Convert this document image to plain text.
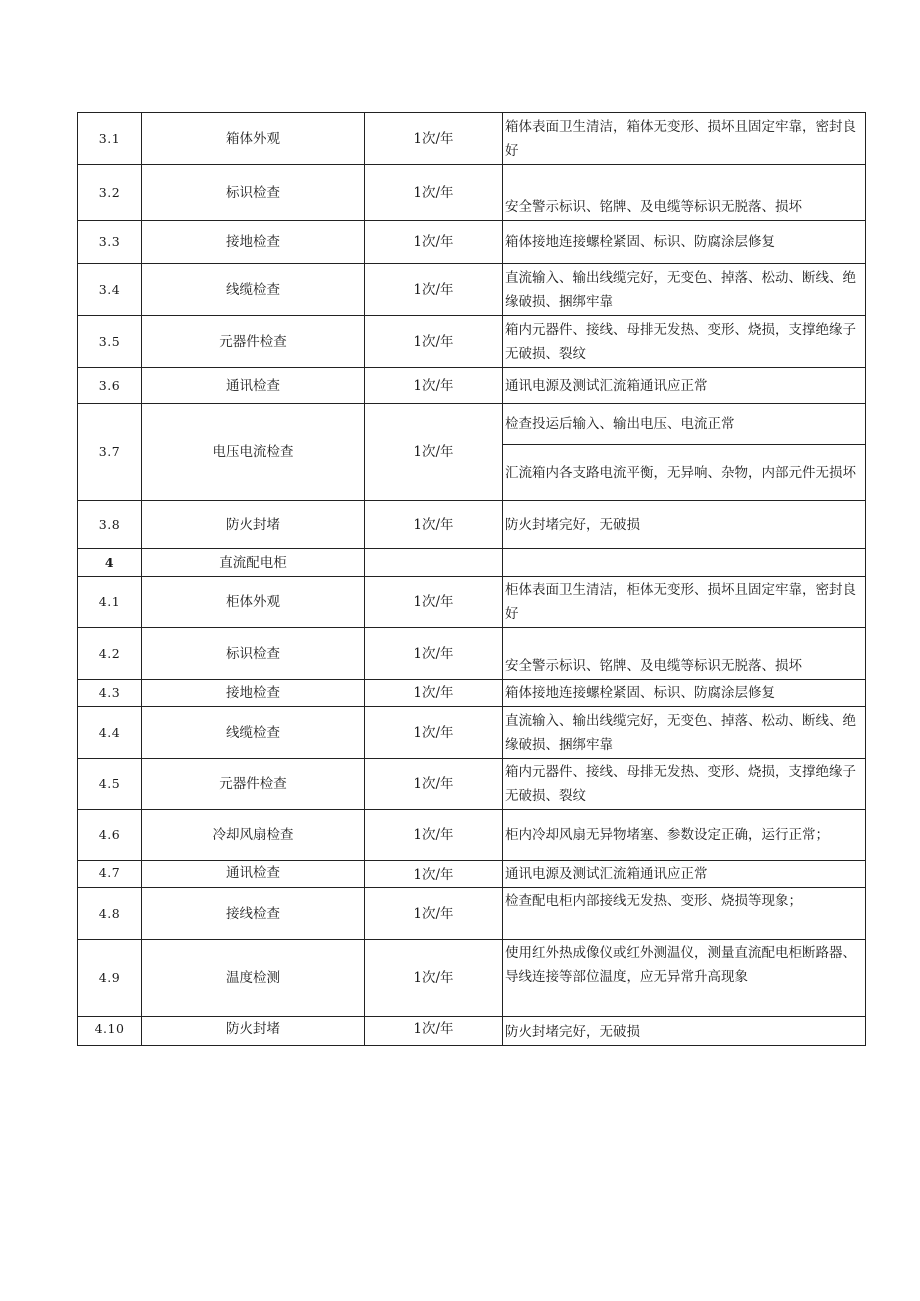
3.1	箱体外观	1次/年	箱体表面卫生清洁，箱体无变形、损坏且固定牢靠，密封良好
3.2	标识检查	1次/年	安全警示标识、铭牌、及电缆等标识无脱落、损坏
3.3	接地检查	1次/年	箱体接地连接螺栓紧固、标识、防腐涂层修复
3.4	线缆检查	1次/年	直流输入、输出线缆完好，无变色、掉落、松动、断线、绝缘破损、捆绑牢靠
3.5	元器件检查	1次/年	箱内元器件、接线、母排无发热、变形、烧损，支撑绝缘子无破损、裂纹
3.6	通讯检查	1次/年	通讯电源及测试汇流箱通讯应正常
3.7	电压电流检查	1次/年	检查投运后输入、输出电压、电流正常
			汇流箱内各支路电流平衡，无异响、杂物，内部元件无损坏
3.8	防火封堵	1次/年	防火封堵完好，无破损
4	直流配电柜		
4.1	柜体外观	1次/年	柜体表面卫生清洁，柜体无变形、损坏且固定牢靠，密封良好
4.2	标识检查	1次/年	安全警示标识、铭牌、及电缆等标识无脱落、损坏
4.3	接地检查	1次/年	箱体接地连接螺栓紧固、标识、防腐涂层修复
4.4	线缆检查	1次/年	直流输入、输出线缆完好，无变色、掉落、松动、断线、绝缘破损、捆绑牢靠
4.5	元器件检查	1次/年	箱内元器件、接线、母排无发热、变形、烧损，支撑绝缘子无破损、裂纹
4.6	冷却风扇检查	1次/年	柜内冷却风扇无异物堵塞、参数设定正确，运行正常；
4.7	通讯检查	1次/年	通讯电源及测试汇流箱通讯应正常
4.8	接线检查	1次/年	检查配电柜内部接线无发热、变形、烧损等现象；
4.9	温度检测	1次/年	使用红外热成像仪或红外测温仪，测量直流配电柜断路器、导线连接等部位温度，应无异常升高现象
4.10	防火封堵	1次/年	防火封堵完好，无破损
